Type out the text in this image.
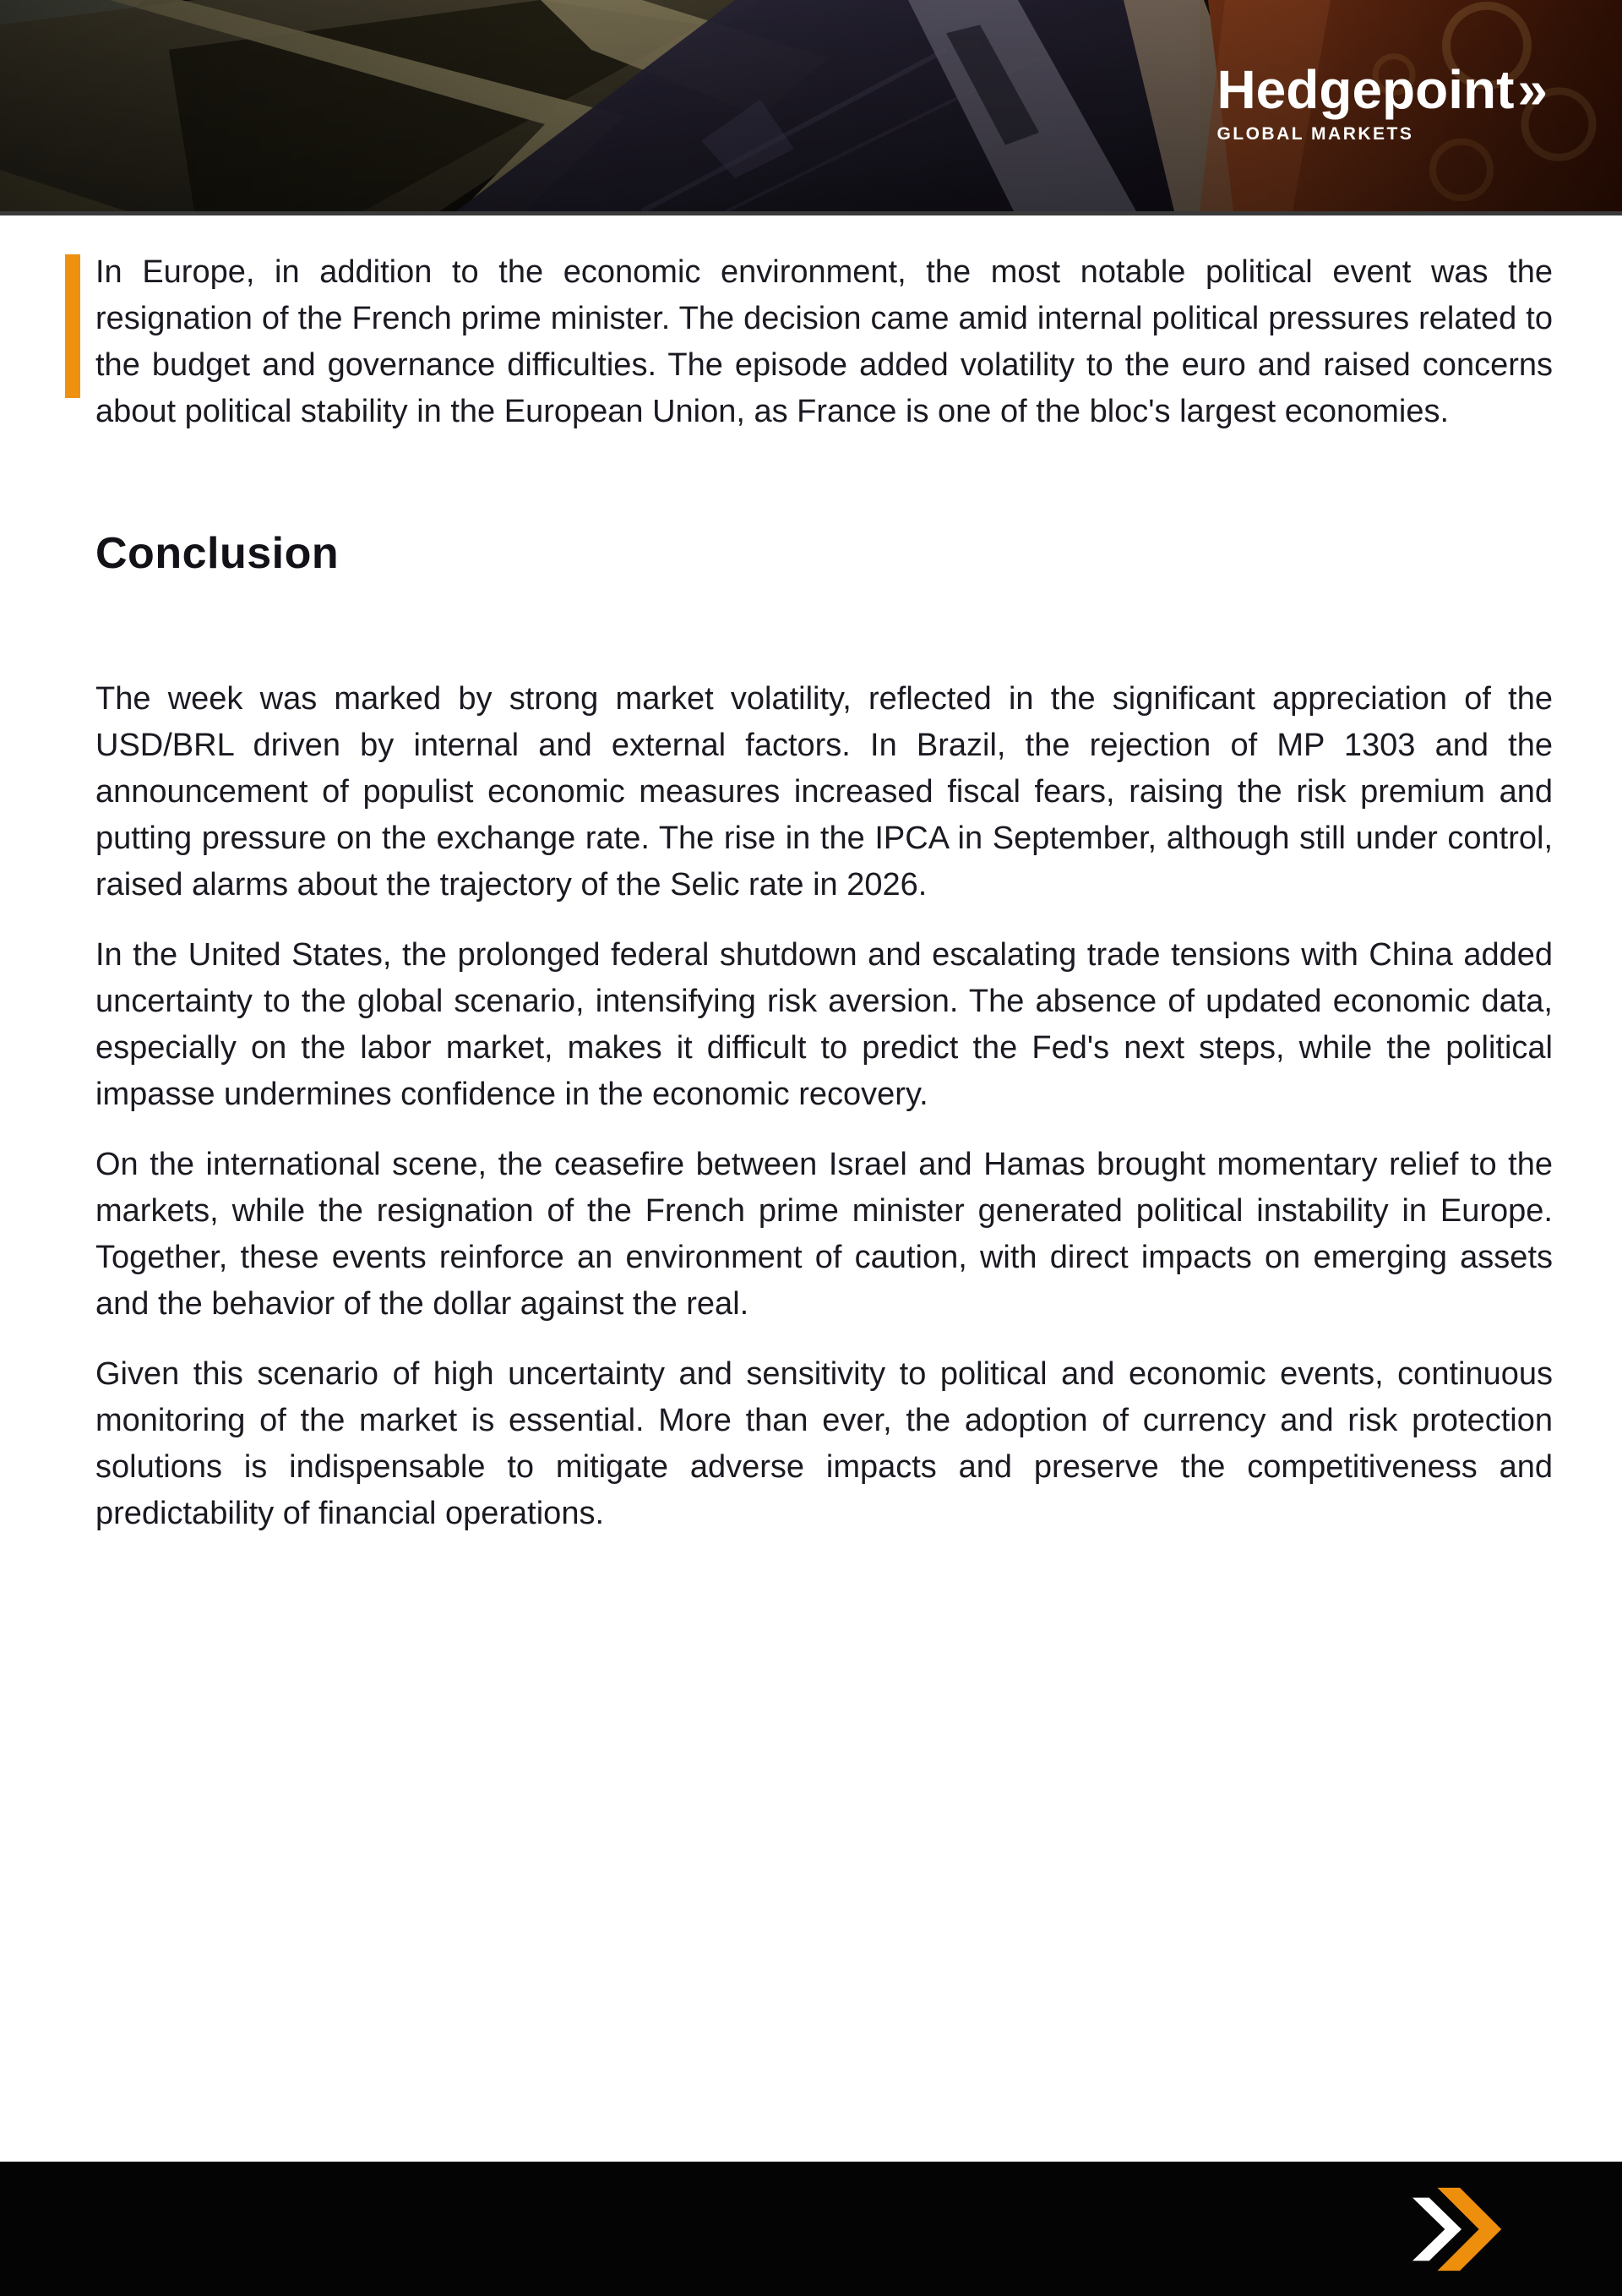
Hedgepoint»
GLOBAL MARKETS

In Europe, in addition to the economic environment, the most notable political event was the resignation of the French prime minister. The decision came amid internal political pressures related to the budget and governance difficulties. The episode added volatility to the euro and raised concerns about political stability in the European Union, as France is one of the bloc's largest economies.

Conclusion

The week was marked by strong market volatility, reflected in the significant appreciation of the USD/BRL driven by internal and external factors. In Brazil, the rejection of MP 1303 and the announcement of populist economic measures increased fiscal fears, raising the risk premium and putting pressure on the exchange rate. The rise in the IPCA in September, although still under control, raised alarms about the trajectory of the Selic rate in 2026.

In the United States, the prolonged federal shutdown and escalating trade tensions with China added uncertainty to the global scenario, intensifying risk aversion. The absence of updated economic data, especially on the labor market, makes it difficult to predict the Fed's next steps, while the political impasse undermines confidence in the economic recovery.

On the international scene, the ceasefire between Israel and Hamas brought momentary relief to the markets, while the resignation of the French prime minister generated political instability in Europe. Together, these events reinforce an environment of caution, with direct impacts on emerging assets and the behavior of the dollar against the real.

Given this scenario of high uncertainty and sensitivity to political and economic events, continuous monitoring of the market is essential. More than ever, the adoption of currency and risk protection solutions is indispensable to mitigate adverse impacts and preserve the competitiveness and predictability of financial operations.
